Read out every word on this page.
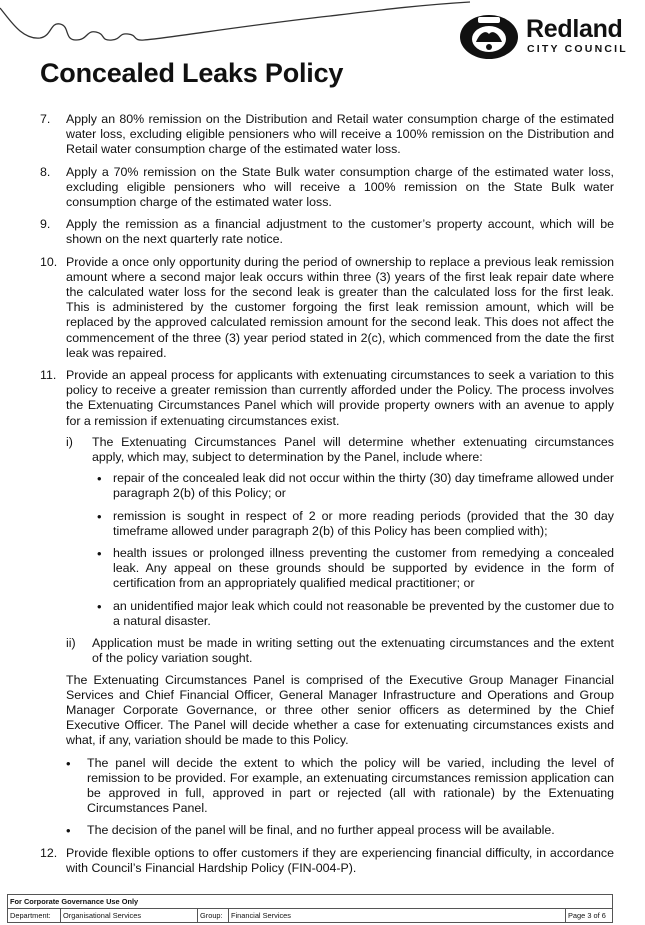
Redland
CITY COUNCIL
Concealed Leaks Policy
7. Apply an 80% remission on the Distribution and Retail water consumption charge of the estimated water loss, excluding eligible pensioners who will receive a 100% remission on the Distribution and Retail water consumption charge of the estimated water loss.
8. Apply a 70% remission on the State Bulk water consumption charge of the estimated water loss, excluding eligible pensioners who will receive a 100% remission on the State Bulk water consumption charge of the estimated water loss.
9. Apply the remission as a financial adjustment to the customer’s property account, which will be shown on the next quarterly rate notice.
10. Provide a once only opportunity during the period of ownership to replace a previous leak remission amount where a second major leak occurs within three (3) years of the first leak repair date where the calculated water loss for the second leak is greater than the calculated loss for the first leak. This is administered by the customer forgoing the first leak remission amount, which will be replaced by the approved calculated remission amount for the second leak. This does not affect the commencement of the three (3) year period stated in 2(c), which commenced from the date the first leak was repaired.
11. Provide an appeal process for applicants with extenuating circumstances to seek a variation to this policy to receive a greater remission than currently afforded under the Policy. The process involves the Extenuating Circumstances Panel which will provide property owners with an avenue to apply for a remission if extenuating circumstances exist.
i) The Extenuating Circumstances Panel will determine whether extenuating circumstances apply, which may, subject to determination by the Panel, include where:
• repair of the concealed leak did not occur within the thirty (30) day timeframe allowed under paragraph 2(b) of this Policy; or
• remission is sought in respect of 2 or more reading periods (provided that the 30 day timeframe allowed under paragraph 2(b) of this Policy has been complied with);
• health issues or prolonged illness preventing the customer from remedying a concealed leak. Any appeal on these grounds should be supported by evidence in the form of certification from an appropriately qualified medical practitioner; or
• an unidentified major leak which could not reasonable be prevented by the customer due to a natural disaster.
ii) Application must be made in writing setting out the extenuating circumstances and the extent of the policy variation sought.
The Extenuating Circumstances Panel is comprised of the Executive Group Manager Financial Services and Chief Financial Officer, General Manager Infrastructure and Operations and Group Manager Corporate Governance, or three other senior officers as determined by the Chief Executive Officer. The Panel will decide whether a case for extenuating circumstances exists and what, if any, variation should be made to this Policy.
• The panel will decide the extent to which the policy will be varied, including the level of remission to be provided. For example, an extenuating circumstances remission application can be approved in full, approved in part or rejected (all with rationale) by the Extenuating Circumstances Panel.
• The decision of the panel will be final, and no further appeal process will be available.
12. Provide flexible options to offer customers if they are experiencing financial difficulty, in accordance with Council’s Financial Hardship Policy (FIN-004-P).
For Corporate Governance Use Only
Department:	Organisational Services	Group:	Financial Services	Page 3 of 6
